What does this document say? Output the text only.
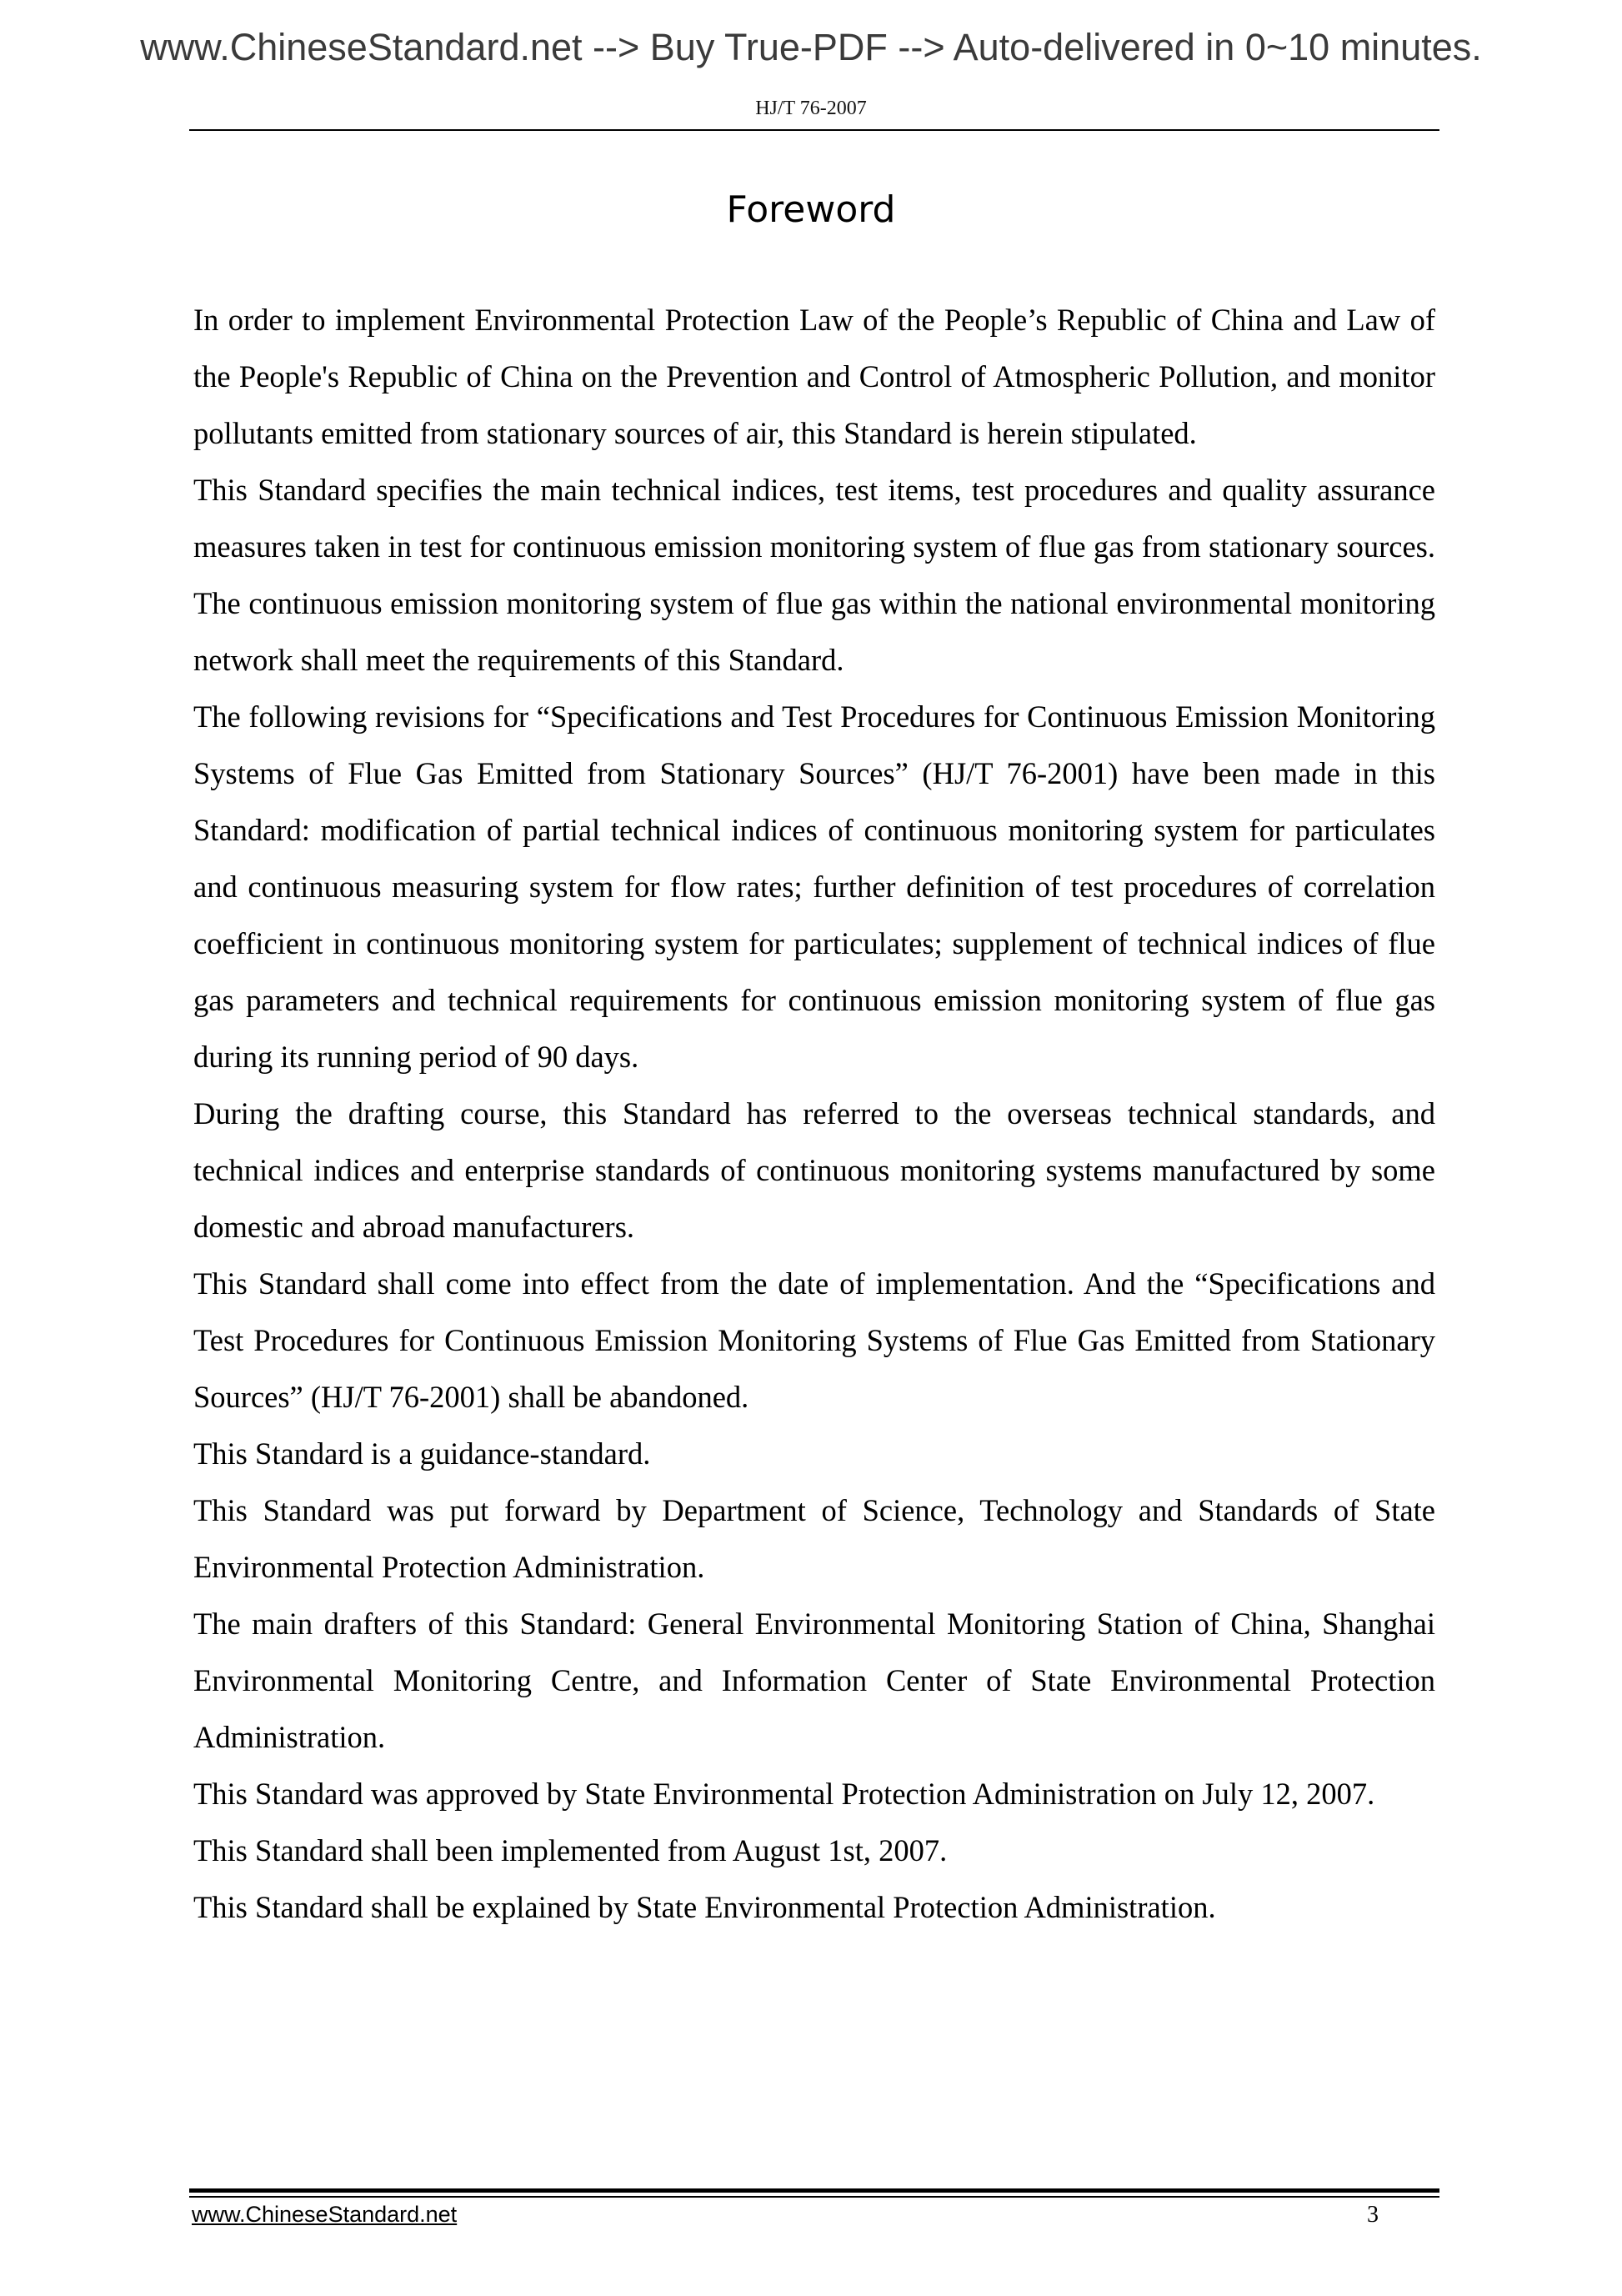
www.ChineseStandard.net --> Buy True-PDF --> Auto-delivered in 0~10 minutes.
HJ/T 76-2007
Foreword

In order to implement Environmental Protection Law of the People’s Republic of China and Law of the People's Republic of China on the Prevention and Control of Atmospheric Pollution, and monitor pollutants emitted from stationary sources of air, this Standard is herein stipulated.

This Standard specifies the main technical indices, test items, test procedures and quality assurance measures taken in test for continuous emission monitoring system of flue gas from stationary sources. The continuous emission monitoring system of flue gas within the national environmental monitoring network shall meet the requirements of this Standard.

The following revisions for “Specifications and Test Procedures for Continuous Emission Monitoring Systems of Flue Gas Emitted from Stationary Sources” (HJ/T 76-2001) have been made in this Standard: modification of partial technical indices of continuous monitoring system for particulates and continuous measuring system for flow rates; further definition of test procedures of correlation coefficient in continuous monitoring system for particulates; supplement of technical indices of flue gas parameters and technical requirements for continuous emission monitoring system of flue gas during its running period of 90 days.

During the drafting course, this Standard has referred to the overseas technical standards, and technical indices and enterprise standards of continuous monitoring systems manufactured by some domestic and abroad manufacturers.

This Standard shall come into effect from the date of implementation. And the “Specifications and Test Procedures for Continuous Emission Monitoring Systems of Flue Gas Emitted from Stationary Sources” (HJ/T 76-2001) shall be abandoned.

This Standard is a guidance-standard.

This Standard was put forward by Department of Science, Technology and Standards of State Environmental Protection Administration.

The main drafters of this Standard: General Environmental Monitoring Station of China, Shanghai Environmental Monitoring Centre, and Information Center of State Environmental Protection Administration.

This Standard was approved by State Environmental Protection Administration on July 12, 2007.

This Standard shall been implemented from August 1st, 2007.

This Standard shall be explained by State Environmental Protection Administration.

www.ChineseStandard.net	3
